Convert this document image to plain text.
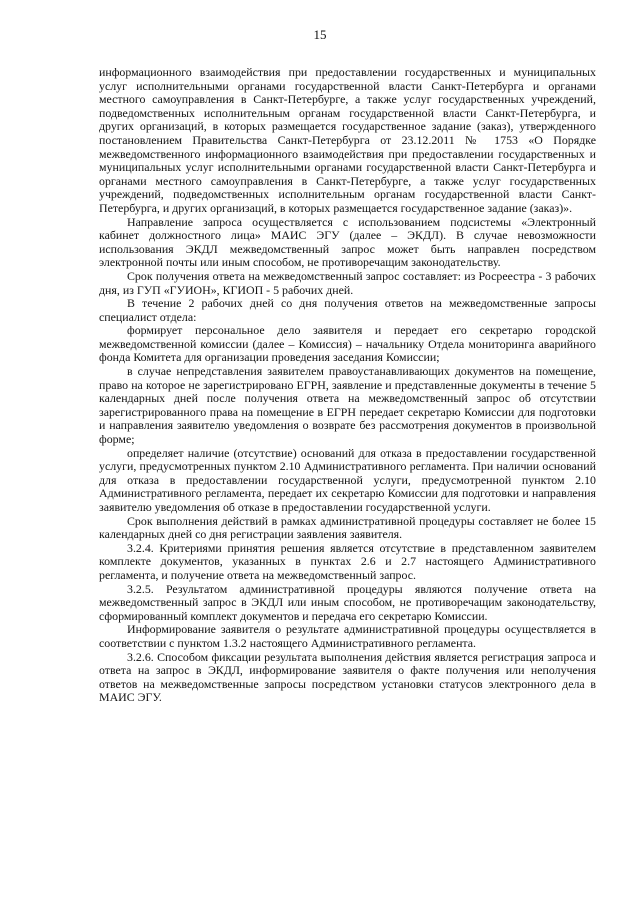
15

информационного взаимодействия при предоставлении государственных и муниципальных услуг исполнительными органами государственной власти Санкт-Петербурга и органами местного самоуправления в Санкт-Петербурге, а также услуг государственных учреждений, подведомственных исполнительным органам государственной власти Санкт-Петербурга, и других организаций, в которых размещается государственное задание (заказ), утвержденного постановлением Правительства Санкт-Петербурга от 23.12.2011 № 1753 «О Порядке межведомственного информационного взаимодействия при предоставлении государственных и муниципальных услуг исполнительными органами государственной власти Санкт-Петербурга и органами местного самоуправления в Санкт-Петербурге, а также услуг государственных учреждений, подведомственных исполнительным органам государственной власти Санкт-Петербурга, и других организаций, в которых размещается государственное задание (заказ)».

Направление запроса осуществляется с использованием подсистемы «Электронный кабинет должностного лица» МАИС ЭГУ (далее – ЭКДЛ). В случае невозможности использования ЭКДЛ межведомственный запрос может быть направлен посредством электронной почты или иным способом, не противоречащим законодательству.

Срок получения ответа на межведомственный запрос составляет: из Росреестра - 3 рабочих дня, из ГУП «ГУИОН», КГИОП - 5 рабочих дней.

В течение 2 рабочих дней со дня получения ответов на межведомственные запросы специалист отдела:

формирует персональное дело заявителя и передает его секретарю городской межведомственной комиссии (далее – Комиссия) – начальнику Отдела мониторинга аварийного фонда Комитета для организации проведения заседания Комиссии;

в случае непредставления заявителем правоустанавливающих документов на помещение, право на которое не зарегистрировано ЕГРН, заявление и представленные документы в течение 5 календарных дней после получения ответа на межведомственный запрос об отсутствии зарегистрированного права на помещение в ЕГРН передает секретарю Комиссии для подготовки и направления заявителю уведомления о возврате без рассмотрения документов в произвольной форме;

определяет наличие (отсутствие) оснований для отказа в предоставлении государственной услуги, предусмотренных пунктом 2.10 Административного регламента. При наличии оснований для отказа в предоставлении государственной услуги, предусмотренной пунктом 2.10 Административного регламента, передает их секретарю Комиссии для подготовки и направления заявителю уведомления об отказе в предоставлении государственной услуги.

Срок выполнения действий в рамках административной процедуры составляет не более 15 календарных дней со дня регистрации заявления заявителя.

3.2.4. Критериями принятия решения является отсутствие в представленном заявителем комплекте документов, указанных в пунктах 2.6 и 2.7 настоящего Административного регламента, и получение ответа на межведомственный запрос.

3.2.5. Результатом административной процедуры являются получение ответа на межведомственный запрос в ЭКДЛ или иным способом, не противоречащим законодательству, сформированный комплект документов и передача его секретарю Комиссии.

Информирование заявителя о результате административной процедуры осуществляется в соответствии с пунктом 1.3.2 настоящего Административного регламента.

3.2.6. Способом фиксации результата выполнения действия является регистрация запроса и ответа на запрос в ЭКДЛ, информирование заявителя о факте получения или неполучения ответов на межведомственные запросы посредством установки статусов электронного дела в МАИС ЭГУ.
